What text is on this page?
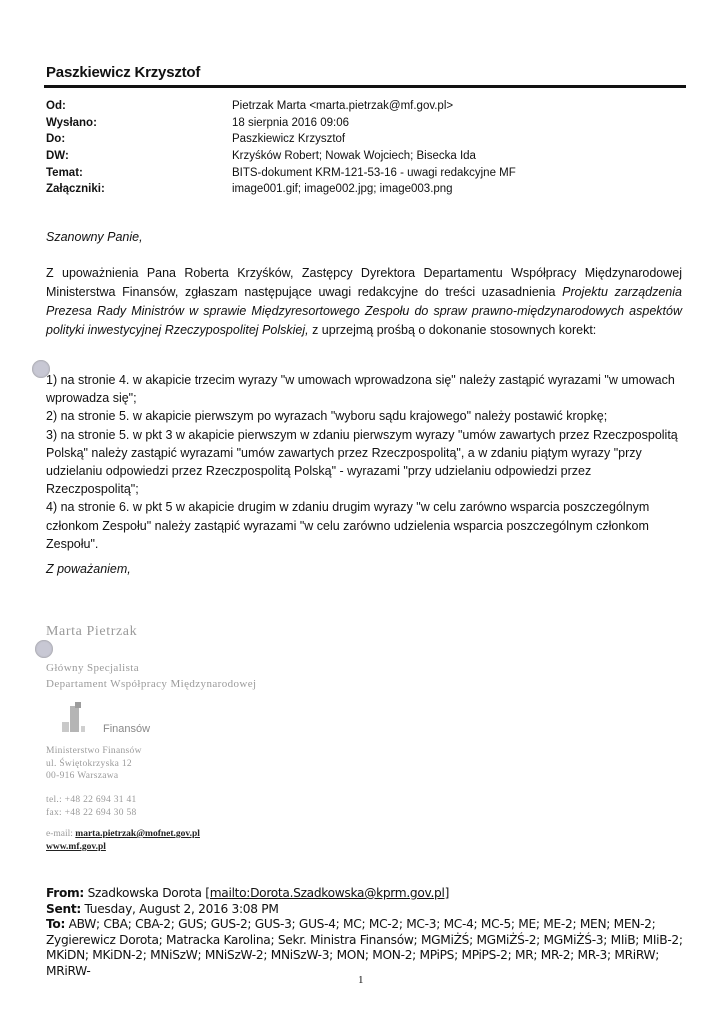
Paszkiewicz Krzysztof
Od:	Pietrzak Marta <marta.pietrzak@mf.gov.pl>
Wysłano:	18 sierpnia 2016 09:06
Do:	Paszkiewicz Krzysztof
DW:	Krzyśków Robert; Nowak Wojciech; Bisecka Ida
Temat:	BITS-dokument KRM-121-53-16 - uwagi redakcyjne MF
Załączniki:	image001.gif; image002.jpg; image003.png
Szanowny Panie,
Z upoważnienia Pana Roberta Krzyśków, Zastępcy Dyrektora Departamentu Współpracy Międzynarodowej Ministerstwa Finansów, zgłaszam następujące uwagi redakcyjne do treści uzasadnienia Projektu zarządzenia Prezesa Rady Ministrów w sprawie Międzyresortowego Zespołu do spraw prawno-międzynarodowych aspektów polityki inwestycyjnej Rzeczypospolitej Polskiej, z uprzejmą prośbą o dokonanie stosownych korekt:
1) na stronie 4. w akapicie trzecim wyrazy "w umowach wprowadzona się" należy zastąpić wyrazami "w umowach wprowadza się";
2) na stronie 5. w akapicie pierwszym po wyrazach "wyboru sądu krajowego" należy postawić kropkę;
3) na stronie 5. w pkt 3 w akapicie pierwszym w zdaniu pierwszym wyrazy "umów zawartych przez Rzeczpospolitą Polską" należy zastąpić wyrazami "umów zawartych przez Rzeczpospolitą", a w zdaniu piątym wyrazy "przy udzielaniu odpowiedzi przez Rzeczpospolitą Polską" - wyrazami "przy udzielaniu odpowiedzi przez Rzeczpospolitą";
4) na stronie 6. w pkt 5 w akapicie drugim w zdaniu drugim wyrazy "w celu zarówno wsparcia poszczególnym członkom Zespołu" należy zastąpić wyrazami "w celu zarówno udzielenia wsparcia poszczególnym członkom Zespołu".
Z poważaniem,
Marta Pietrzak
Główny Specjalista
Departament Współpracy Międzynarodowej
Finansów
Ministerstwo Finansów
ul. Świętokrzyska 12
00-916 Warszawa
tel.: +48 22 694 31 41
fax: +48 22 694 30 58
e-mail: marta.pietrzak@mofnet.gov.pl
www.mf.gov.pl
From: Szadkowska Dorota [mailto:Dorota.Szadkowska@kprm.gov.pl]
Sent: Tuesday, August 2, 2016 3:08 PM
To: ABW; CBA; CBA-2; GUS; GUS-2; GUS-3; GUS-4; MC; MC-2; MC-3; MC-4; MC-5; ME; ME-2; MEN; MEN-2; Zygierewicz Dorota; Matracka Karolina; Sekr. Ministra Finansów; MGMiŻŚ; MGMiŻŚ-2; MGMiŻŚ-3; MIiB; MIiB-2; MKiDN; MKiDN-2; MNiSzW; MNiSzW-2; MNiSzW-3; MON; MON-2; MPiPS; MPiPS-2; MR; MR-2; MR-3; MRiRW; MRiRW-
1
